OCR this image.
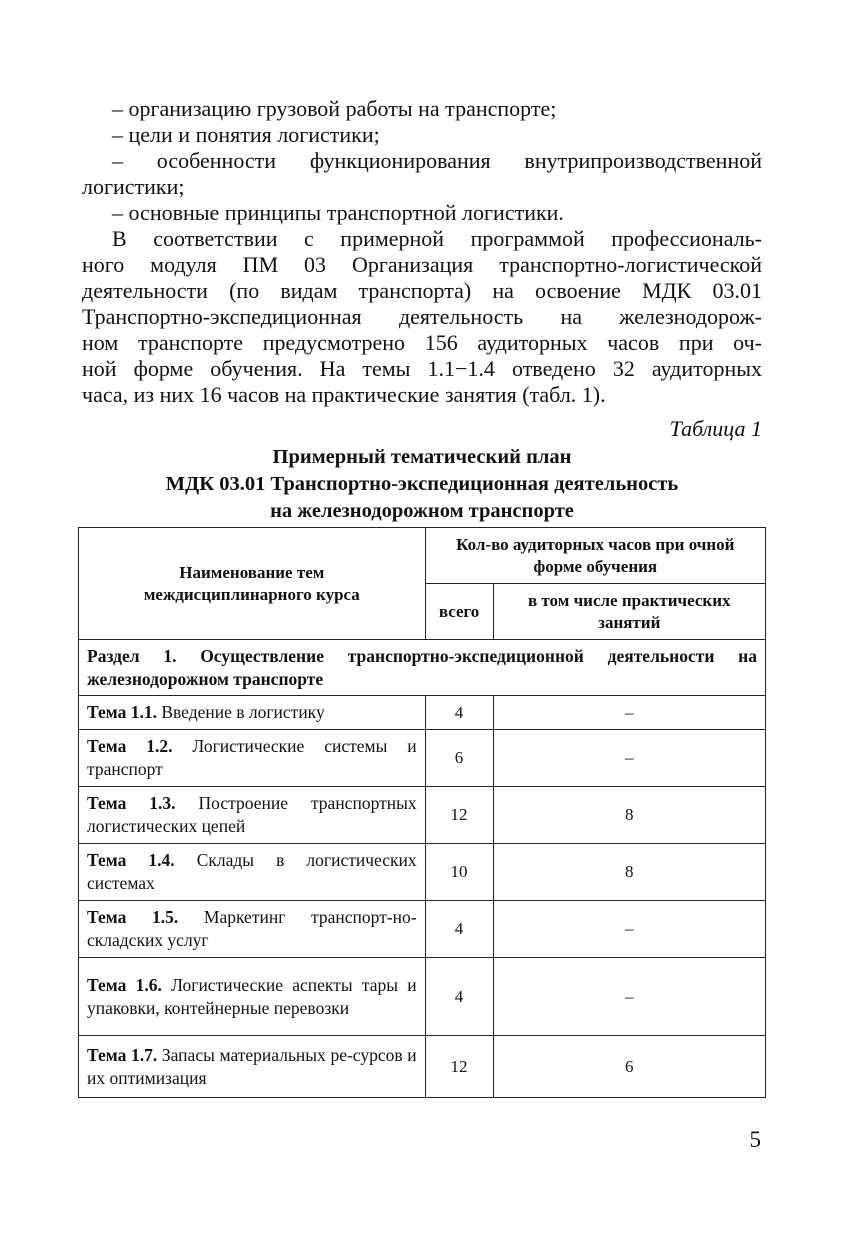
– организацию грузовой работы на транспорте;

– цели и понятия логистики;

– особенности функционирования внутрипроизводственной

логистики;

– основные принципы транспортной логистики.

В соответствии с примерной программой профессиональ-

ного модуля ПМ 03 Организация транспортно-логистической

деятельности (по видам транспорта) на освоение МДК 03.01

Транспортно-экспедиционная деятельность на железнодорож-

ном транспорте предусмотрено 156 аудиторных часов при оч-

ной форме обучения. На темы 1.1−1.4 отведено 32 аудиторных

часа, из них 16 часов на практические занятия (табл. 1).

Таблица 1
Примерный тематический план
МДК 03.01 Транспортно-экспедиционная деятельность
на железнодорожном транспорте
Наименование тем междисциплинарного курса	Кол-во аудиторных часов при очной форме обучения	
	всего	в том числе практических занятий
Раздел 1. Осуществление транспортно-экспедиционной деятельности на железнодорожном транспорте		
Тема 1.1. Введение в логистику	4	–
Тема 1.2. Логистические системы и транспорт	6	–
Тема 1.3. Построение транспортных логистических цепей	12	8
Тема 1.4. Склады в логистических системах	10	8
Тема 1.5. Маркетинг транспорт-но-складских услуг	4	–
Тема 1.6. Логистические аспекты тары и упаковки, контейнерные перевозки	4	–
Тема 1.7. Запасы материальных ре-сурсов и их оптимизация	12	6
5
